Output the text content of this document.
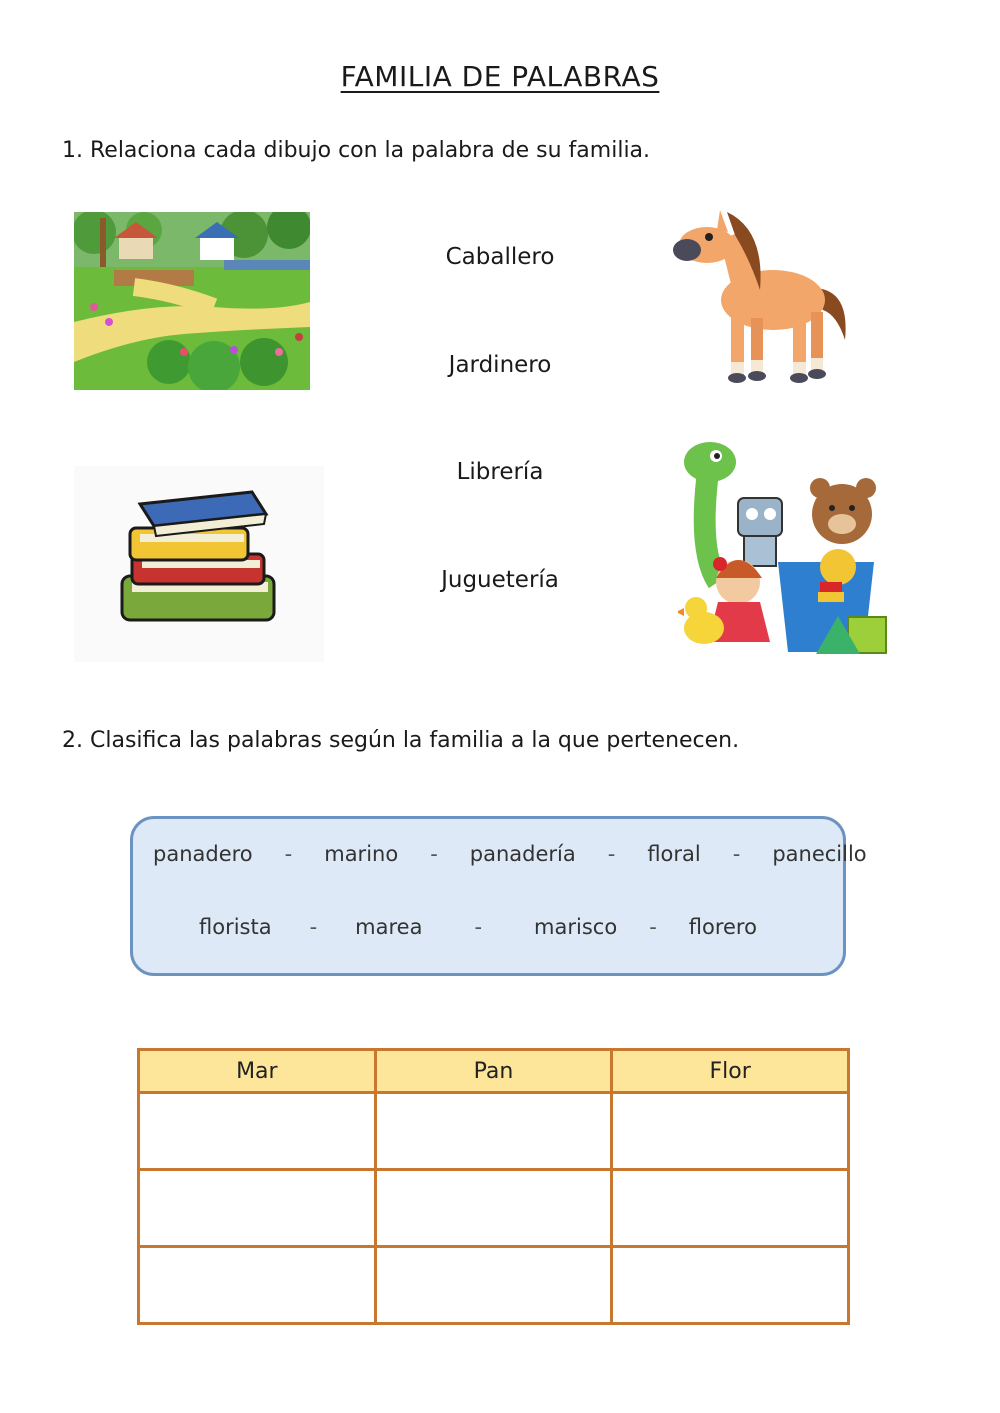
FAMILIA DE PALABRAS
1. Relaciona cada dibujo con la palabra de su familia.
Caballero
Jardinero
Librería
Juguetería
2. Clasifica las palabras según la familia a la que pertenecen.
panadero - marino - panadería - floral - panecillo
florista - marea - marisco - florero
Mar	Pan	Flor
